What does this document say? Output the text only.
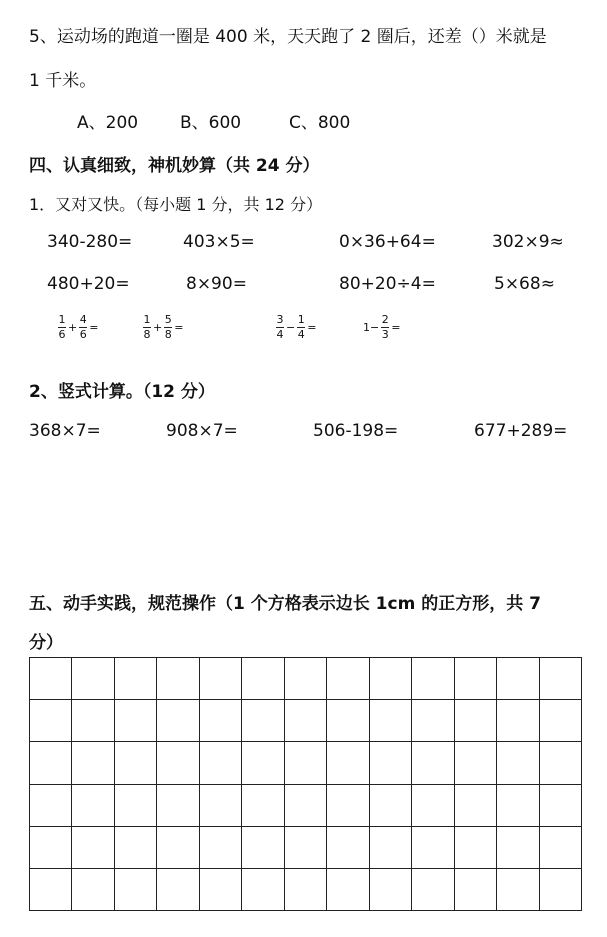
5、运动场的跑道一圈是 400 米，天天跑了 2 圈后，还差（）米就是
1 千米。
A、200 B、600	C、800
四、认真细致，神机妙算（共 24 分）
1．又对又快。（每小题 1 分，共 12 分）
340-280=	403×5=	0×36+64=	302×9≈
480+20=	8×90=	80+20÷4=	5×68≈
$\frac{1}{6} + \frac{4}{6}$ =	$\frac{1}{8} + \frac{5}{8}$ =	$\frac{3}{4} - \frac{1}{4}$ =	$1- \frac{2}{3}$ =
2、竖式计算。（12 分）
368×7=	908×7=	506-198=	677+289=
五、动手实践，规范操作（1 个方格表示边长 1cm 的正方形，共 7
分）
